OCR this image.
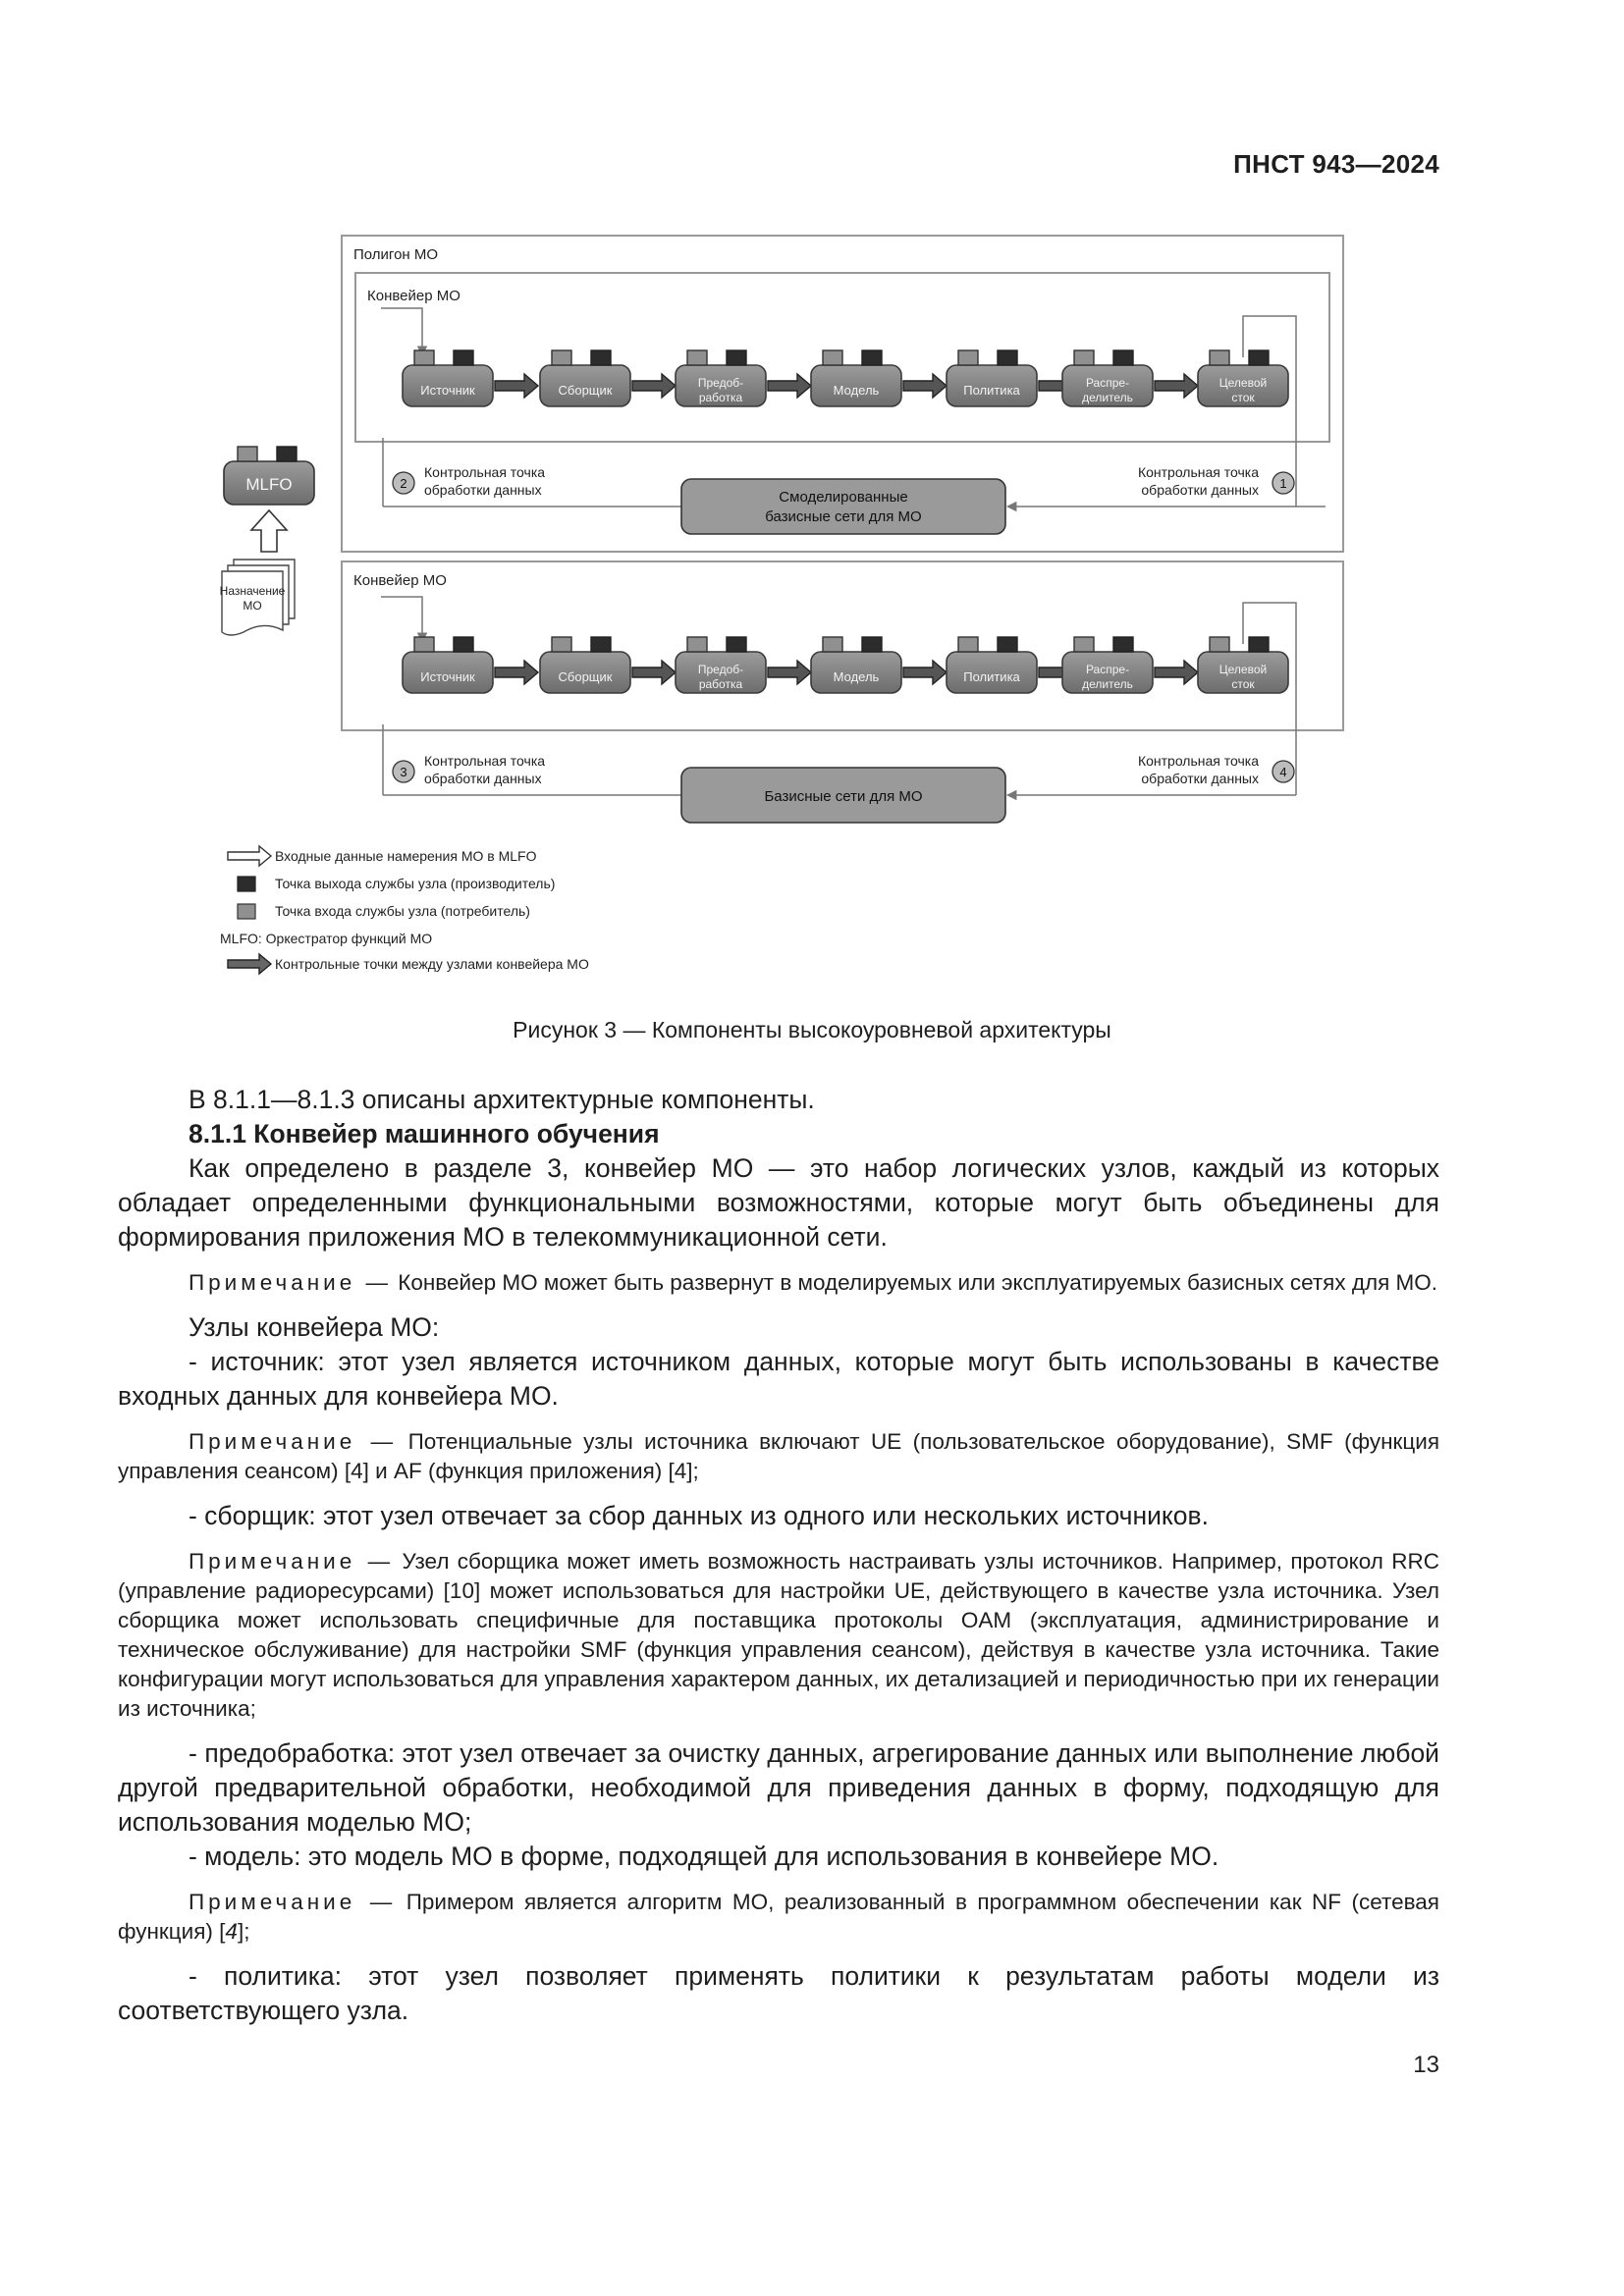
ПНСТ 943—2024
Полигон МО
Конвейер МО
Источник	Сборщик	Предоб-
работка	Модель	Политика	Распре-
делитель
Целевой
сток
Смоделированные
базисные сети для МО
2
Контрольная точка
обработки данных	1
Контрольная точка
обработки данных
MLFO
Назначение
МО
Конвейер МО
Источник	Сборщик	Предоб-
работка	Модель	Политика	Распре-
делитель
Целевой
сток
Базисные сети для МО
3
Контрольная точка
обработки данных	4
Контрольная точка
обработки данных
Входные данные намерения МО в MLFO
Точка выхода службы узла (производитель)
Точка входа службы узла (потребитель)
MLFO: Оркестратор функций МО
Контрольные точки между узлами конвейера МО
Рисунок 3 — Компоненты высокоуровневой архитектуры

В 8.1.1—8.1.3 описаны архитектурные компоненты.

8.1.1 Конвейер машинного обучения

Как определено в разделе 3, конвейер МО — это набор логических узлов, каждый из которых обладает определенными функциональными возможностями, которые могут быть объединены для формирования приложения МО в телекоммуникационной сети.

Примечание — Конвейер МО может быть развернут в моделируемых или эксплуатируемых базисных сетях для МО.

Узлы конвейера МО:

- источник: этот узел является источником данных, которые могут быть использованы в качестве входных данных для конвейера МО.

Примечание — Потенциальные узлы источника включают UE (пользовательское оборудование), SMF (функция управления сеансом) [4] и AF (функция приложения) [4];

- сборщик: этот узел отвечает за сбор данных из одного или нескольких источников.

Примечание — Узел сборщика может иметь возможность настраивать узлы источников. Например, протокол RRC (управление радиоресурсами) [10] может использоваться для настройки UE, действующего в качестве узла источника. Узел сборщика может использовать специфичные для поставщика протоколы OAM (эксплуатация, администрирование и техническое обслуживание) для настройки SMF (функция управления сеансом), действуя в качестве узла источника. Такие конфигурации могут использоваться для управления характером данных, их детализацией и периодичностью при их генерации из источника;

- предобработка: этот узел отвечает за очистку данных, агрегирование данных или выполнение любой другой предварительной обработки, необходимой для приведения данных в форму, подходящую для использования моделью МО;

- модель: это модель МО в форме, подходящей для использования в конвейере МО.

Примечание — Примером является алгоритм МО, реализованный в программном обеспечении как NF (сетевая функция) [4];

- политика: этот узел позволяет применять политики к результатам работы модели из соответствующего узла.

13
